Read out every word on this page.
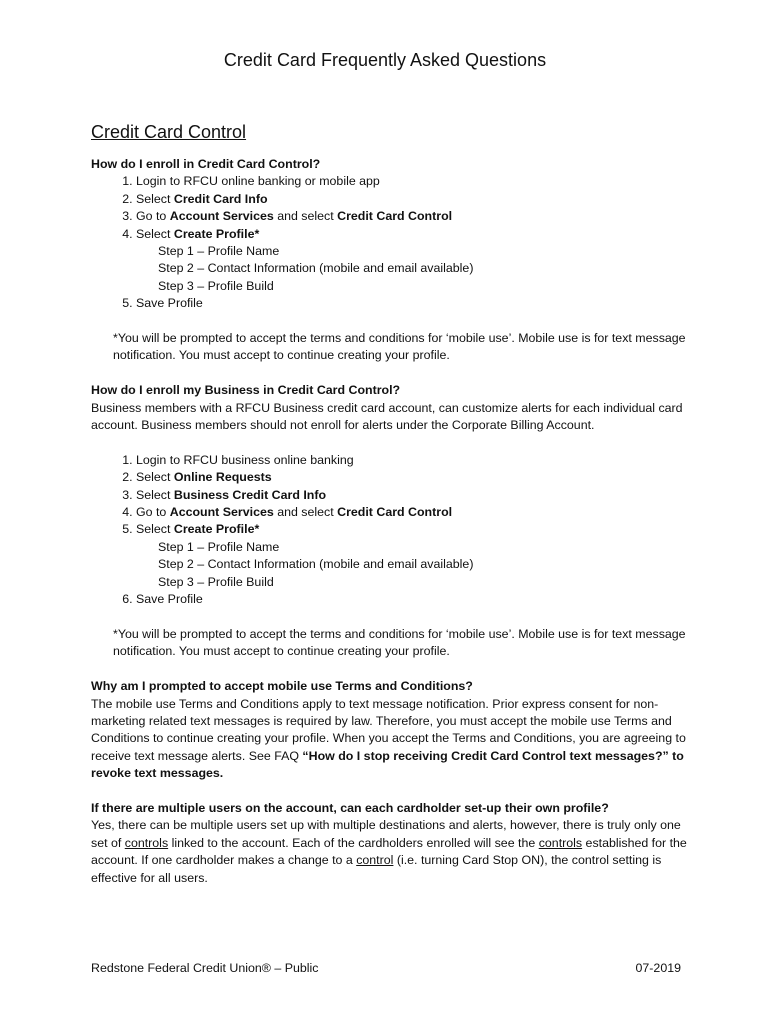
Credit Card Frequently Asked Questions
Credit Card Control

How do I enroll in Credit Card Control?

1. Login to RFCU online banking or mobile app
2. Select Credit Card Info
3. Go to Account Services and select Credit Card Control
4. Select Create Profile*
Step 1 – Profile Name
Step 2 – Contact Information (mobile and email available)
Step 3 – Profile Build
5. Save Profile

*You will be prompted to accept the terms and conditions for ‘mobile use’. Mobile use is for text message notification. You must accept to continue creating your profile.

How do I enroll my Business in Credit Card Control?

Business members with a RFCU Business credit card account, can customize alerts for each individual card account. Business members should not enroll for alerts under the Corporate Billing Account.

1. Login to RFCU business online banking
2. Select Online Requests
3. Select Business Credit Card Info
4. Go to Account Services and select Credit Card Control
5. Select Create Profile*
Step 1 – Profile Name
Step 2 – Contact Information (mobile and email available)
Step 3 – Profile Build
6. Save Profile

*You will be prompted to accept the terms and conditions for ‘mobile use’. Mobile use is for text message notification. You must accept to continue creating your profile.

Why am I prompted to accept mobile use Terms and Conditions?

The mobile use Terms and Conditions apply to text message notification. Prior express consent for non-marketing related text messages is required by law. Therefore, you must accept the mobile use Terms and Conditions to continue creating your profile. When you accept the Terms and Conditions, you are agreeing to receive text message alerts. See FAQ “How do I stop receiving Credit Card Control text messages?” to revoke text messages.

If there are multiple users on the account, can each cardholder set-up their own profile?

Yes, there can be multiple users set up with multiple destinations and alerts, however, there is truly only one set of controls linked to the account. Each of the cardholders enrolled will see the controls established for the account. If one cardholder makes a change to a control (i.e. turning Card Stop ON), the control setting is effective for all users.

Redstone Federal Credit Union® – Public	07-2019
